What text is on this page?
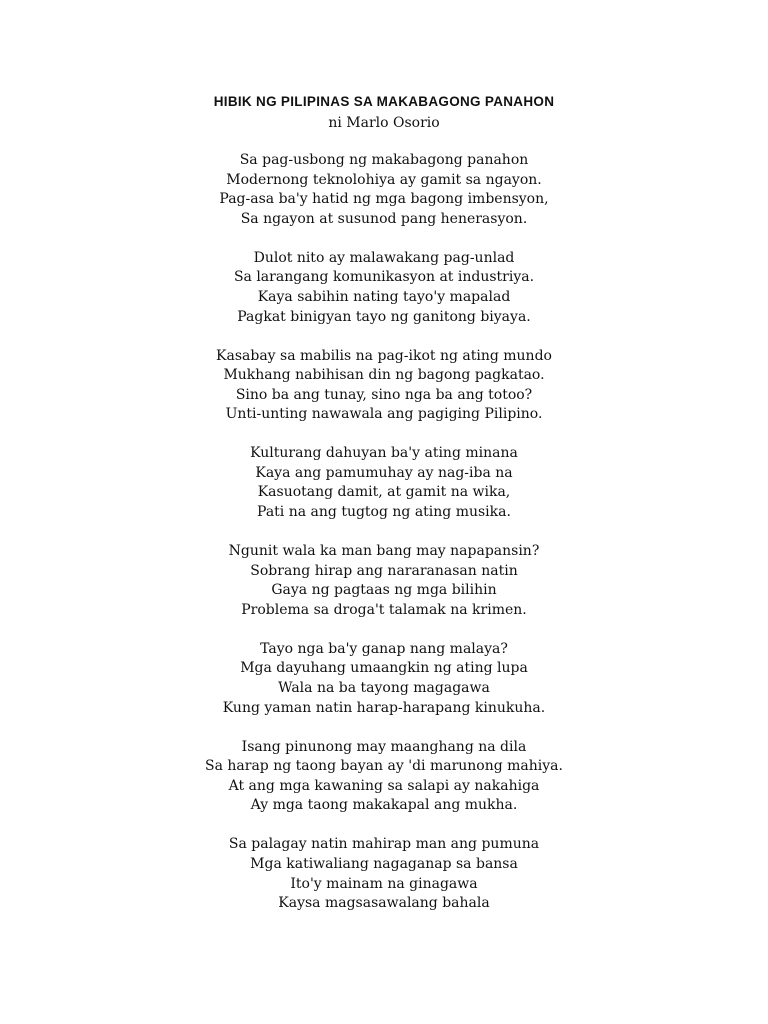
HIBIK NG PILIPINAS SA MAKABAGONG PANAHON
ni Marlo Osorio
Sa pag-usbong ng makabagong panahon
Modernong teknolohiya ay gamit sa ngayon.
Pag-asa ba'y hatid ng mga bagong imbensyon,
Sa ngayon at susunod pang henerasyon.
Dulot nito ay malawakang pag-unlad
Sa larangang komunikasyon at industriya.
Kaya sabihin nating tayo'y mapalad
Pagkat binigyan tayo ng ganitong biyaya.
Kasabay sa mabilis na pag-ikot ng ating mundo
Mukhang nabihisan din ng bagong pagkatao.
Sino ba ang tunay, sino nga ba ang totoo?
Unti-unting nawawala ang pagiging Pilipino.
Kulturang dahuyan ba'y ating minana
Kaya ang pamumuhay ay nag-iba na
Kasuotang damit, at gamit na wika,
Pati na ang tugtog ng ating musika.
Ngunit wala ka man bang may napapansin?
Sobrang hirap ang nararanasan natin
Gaya ng pagtaas ng mga bilihin
Problema sa droga't talamak na krimen.
Tayo nga ba'y ganap nang malaya?
Mga dayuhang umaangkin ng ating lupa
Wala na ba tayong magagawa
Kung yaman natin harap-harapang kinukuha.
Isang pinunong may maanghang na dila
Sa harap ng taong bayan ay 'di marunong mahiya.
At ang mga kawaning sa salapi ay nakahiga
Ay mga taong makakapal ang mukha.
Sa palagay natin mahirap man ang pumuna
Mga katiwaliang nagaganap sa bansa
Ito'y mainam na ginagawa
Kaysa magsasawalang bahala
